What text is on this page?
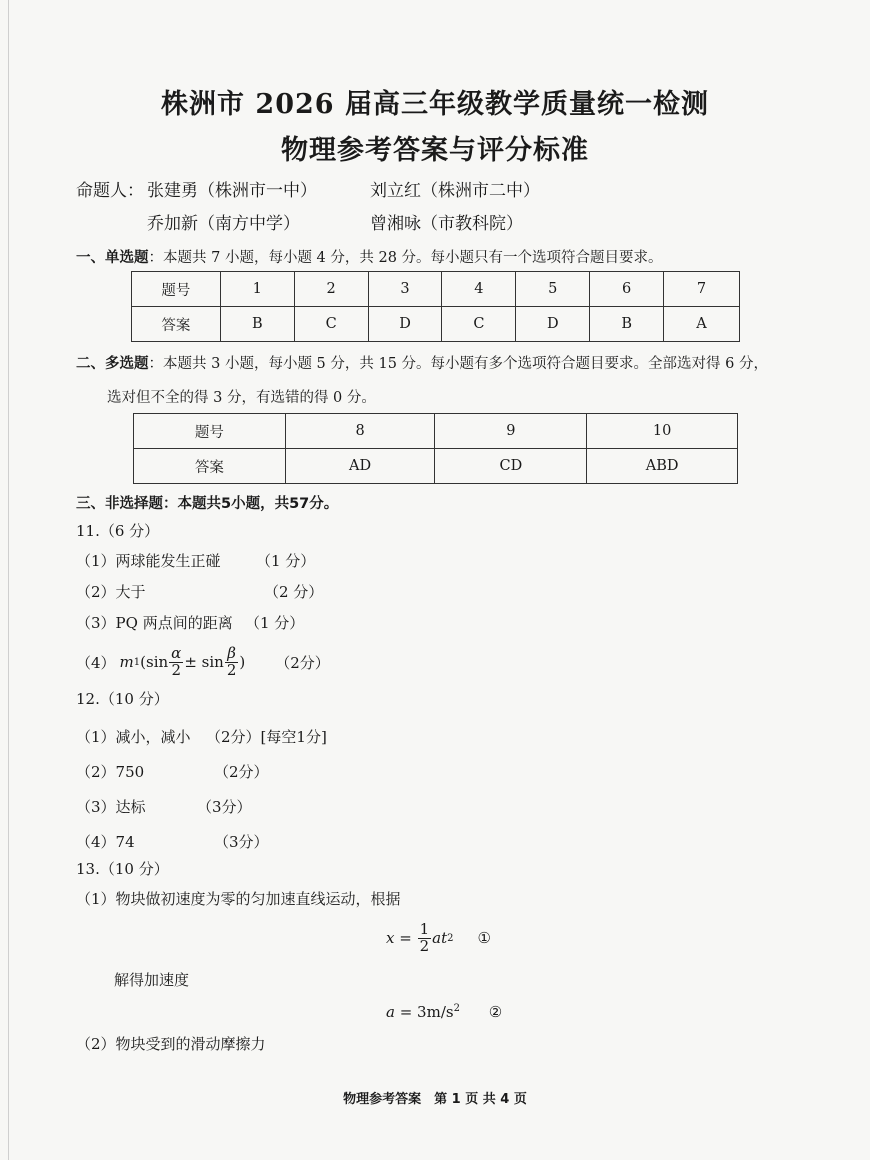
株洲市 2026 届高三年级教学质量统一检测
物理参考答案与评分标准
命题人： 张建勇（株洲市一中）	刘立红（株洲市二中）
乔加新（南方中学）	曾湘咏（市教科院）
一、单选题：本题共 7 小题，每小题 4 分，共 28 分。每小题只有一个选项符合题目要求。
题号	1	2	3	4	5	6	7
答案	B	C	D	C	D	B	A
二、多选题：本题共 3 小题，每小题 5 分，共 15 分。每小题有多个选项符合题目要求。全部选对得 6 分，
选对但不全的得 3 分，有选错的得 0 分。
题号	8	9	10
答案	AD	CD	ABD
三、非选择题：本题共5小题，共57分。
11.（6 分）
（1）两球能发生正碰 （1 分）
（2）大于	（2 分）
（3）PQ 两点间的距离 （1 分）
（4） m 1 ($\sin \frac{\alpha}{2} \pm \sin \frac{\beta}{2}$ ) （2分）
12.（10 分）
（1）减小，减小 （2分）[每空1分]
（2）750	（2分）
（3）达标	（3分）
（4）74	（3分）
13.（10 分）
（1）物块做初速度为零的匀加速直线运动，根据
$x = \frac{1}{2}$ at 2 ①
解得加速度
$a = 3m/s^2$ ②
（2）物块受到的滑动摩擦力
物理参考答案　第 1 页 共 4 页
